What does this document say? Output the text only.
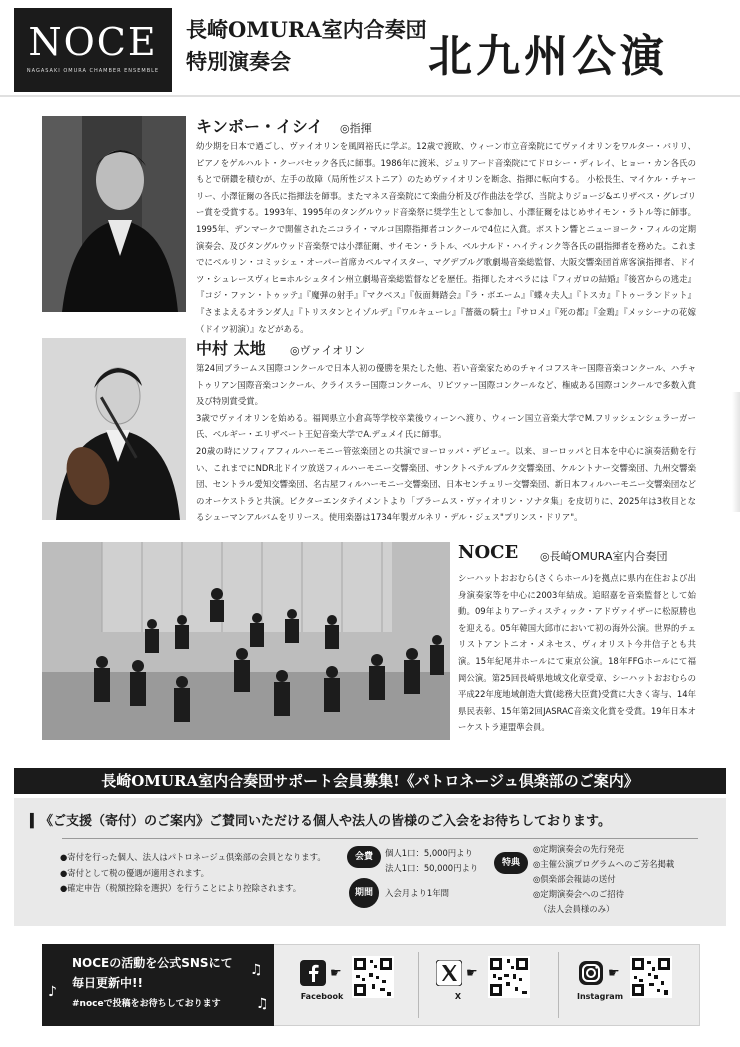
NOCE
NAGASAKI OMURA CHAMBER ENSEMBLE
長崎OMURA室内合奏団
特別演奏会	北九州公演
キンボー・イシイ ◎指揮

幼少期を日本で過ごし、ヴァイオリンを風岡裕氏に学ぶ。12歳で渡欧、ウィーン市立音楽院にてヴァイオリンをワルター・バリリ、ピアノをゲルハルト・クーバセック各氏に師事。1986年に渡米、ジュリアード音楽院にてドロシー・ディレイ、ヒョー・カン各氏のもとで研鑽を積むが、左手の故障（局所性ジストニア）のためヴァイオリンを断念、指揮に転向する。 小松長生、マイケル・チャーリー、小澤征爾の各氏に指揮法を師事。またマネス音楽院にて楽曲分析及び作曲法を学び、当院よりジョージ&エリザベス・グレゴリー賞を受賞する。1993年、1995年のタングルウッド音楽祭に奨学生として参加し、小澤征爾をはじめサイモン・ラトル等に師事。1995年、デンマークで開催されたニコライ・マルコ国際指揮者コンクールで4位に入賞。ボストン響とニューヨーク・フィルの定期演奏会、及びタングルウッド音楽祭では小澤征爾、サイモン・ラトル、ベルナルド・ハイティンク等各氏の副指揮者を務めた。これまでにベルリン・コミッシェ・オーパー首席カペルマイスター、マグデブルグ歌劇場音楽総監督、大阪交響楽団首席客演指揮者、ドイツ・シュレースヴィヒ=ホルシュタイン州立劇場音楽総監督などを歴任。指揮したオペラには『フィガロの結婚』『後宮からの逃走』『コジ・ファン・トゥッテ』『魔弾の射手』『マクベス』『仮面舞踏会』『ラ・ボエーム』『蝶々夫人』『トスカ』『トゥーランドット』『さまよえるオランダ人』『トリスタンとイゾルデ』『ワルキューレ』『薔薇の騎士』『サロメ』『死の都』『金鶏』『メッシーナの花嫁（ドイツ初演）』などがある。

中村 太地 ◎ヴァイオリン

第24回ブラームス国際コンクールで日本人初の優勝を果たした他、若い音楽家ためのチャイコフスキー国際音楽コンクール、ハチャトゥリアン国際音楽コンクール、クライスラー国際コンクール、リピツァー国際コンクールなど、権威ある国際コンクールで多数入賞及び特別賞受賞。

3歳でヴァイオリンを始める。福岡県立小倉高等学校卒業後ウィーンへ渡り、ウィーン国立音楽大学でM.フリッシェンシュラーガー氏、ベルギー・エリザベート王妃音楽大学でA.デュメイ氏に師事。

20歳の時にソフィアフィルハーモニー管弦楽団との共演でヨーロッパ・デビュー。以来、ヨーロッパと日本を中心に演奏活動を行い、これまでにNDR北ドイツ放送フィルハーモニー交響楽団、サンクトペテルブルク交響楽団、ケルントナー交響楽団、九州交響楽団、セントラル愛知交響楽団、名古屋フィルハーモニー交響楽団、日本センチュリー交響楽団、新日本フィルハーモニー交響楽団などのオーケストラと共演。ビクターエンタテイメントより「ブラームス・ヴァイオリン・ソナタ集」を皮切りに、2025年は3枚目となるシューマンアルバムをリリース。使用楽器は1734年製ガルネリ・デル・ジェス"プリンス・ドリア"。

NOCE ◎長崎OMURA室内合奏団

シーハットおおむら(さくらホール)を拠点に県内在住および出身演奏家等を中心に2003年結成。追昭嘉を音楽監督として始動。09年よりアーティスティック・アドヴァイザーに松原勝也を迎える。05年韓国大邱市において初の海外公演。世界的チェリストアントニオ・メネセス、ヴィオリスト今井信子とも共演。15年紀尾井ホールにて東京公演。18年FFGホールにて福岡公演。第25回長崎県地域文化章受章、シーハットおおむらの平成22年度地域創造大賞(総務大臣賞)受賞に大きく寄与、14年県民表彰、15年第2回JASRAC音楽文化賞を受賞。19年日本オーケストラ連盟準会員。

長崎OMURA室内合奏団サポート会員募集!《パトロネージュ倶楽部のご案内》
▍《ご支援（寄付）のご案内》ご賛同いただける個人や法人の皆様のご入会をお待ちしております。
●寄付を行った個人、法人はパトロネージュ倶楽部の会員となります。
●寄付として税の優遇が適用されます。
●確定申告（税額控除を選択）を行うことにより控除されます。
会費	個人1口：5,000円より
法人1口：50,000円より
期間	入会月より1年間
特典
◎定期演奏会の先行発売
◎主催公演プログラムへのご芳名掲載
◎倶楽部会報誌の送付
◎定期演奏会へのご招待
（法人会員様のみ）
NOCEの活動を公式SNSにて
毎日更新中!!
#noceで投稿をお待ちしております
♫
♪
♫
☛
Facebook
☛
X
☛
Instagram
